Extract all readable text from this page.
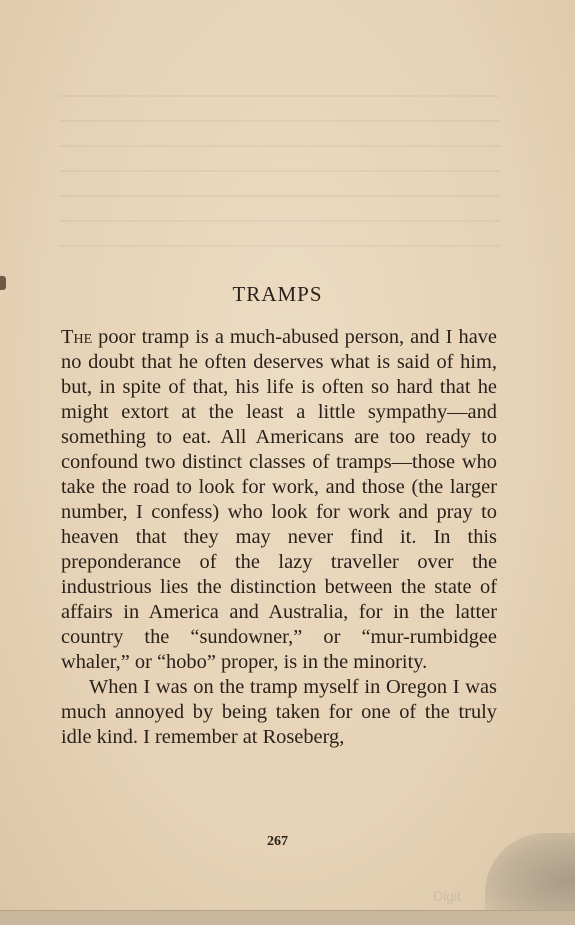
TRAMPS

The poor tramp is a much-abused person, and I have no doubt that he often deserves what is said of him, but, in spite of that, his life is often so hard that he might extort at the least a little sympathy—and something to eat. All Americans are too ready to confound two distinct classes of tramps—those who take the road to look for work, and those (the larger number, I confess) who look for work and pray to heaven that they may never find it. In this preponderance of the lazy traveller over the industrious lies the distinction between the state of affairs in America and Australia, for in the latter country the “sundowner,” or “mur-rumbidgee whaler,” or “hobo” proper, is in the minority.

When I was on the tramp myself in Oregon I was much annoyed by being taken for one of the truly idle kind. I remember at Roseberg,

267
Digit
